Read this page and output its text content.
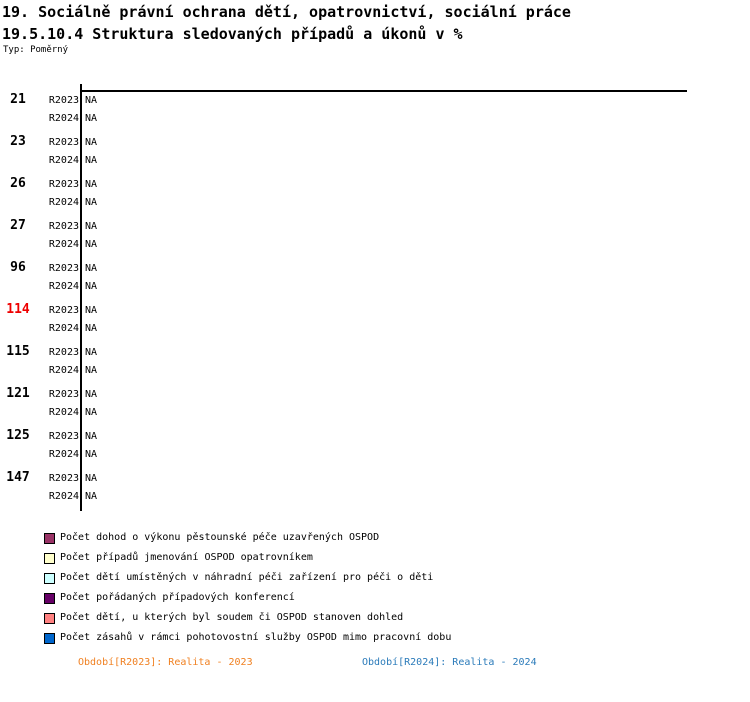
19. Sociálně právní ochrana dětí, opatrovnictví, sociální práce
19.5.10.4 Struktura sledovaných případů a úkonů v %
Typ: Poměrný
21	R2023 NA
R2024 NA
23	R2023 NA
R2024 NA
26	R2023 NA
R2024 NA
27	R2023 NA
R2024 NA
96	R2023 NA
R2024 NA
114	R2023 NA
R2024 NA
115	R2023 NA
R2024 NA
121	R2023 NA
R2024 NA
125	R2023 NA
R2024 NA
147	R2023 NA
R2024 NA
Počet dohod o výkonu pěstounské péče uzavřených OSPOD
Počet případů jmenování OSPOD opatrovníkem
Počet dětí umístěných v náhradní péči zařízení pro péči o děti
Počet pořádaných případových konferencí
Počet dětí, u kterých byl soudem či OSPOD stanoven dohled
Počet zásahů v rámci pohotovostní služby OSPOD mimo pracovní dobu
Období[R2023]: Realita - 2023	Období[R2024]: Realita - 2024
